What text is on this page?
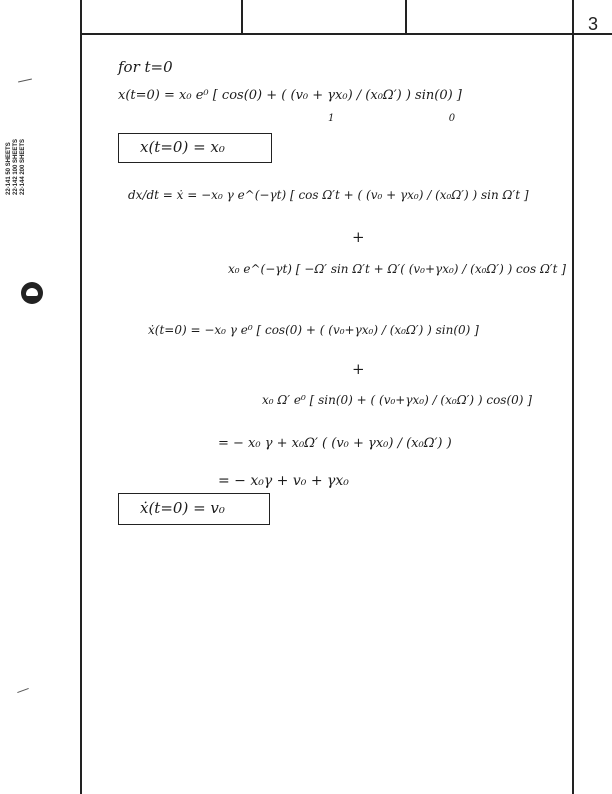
3
22-141 50 SHEETS 22-142 100 SHEETS 22-144 200 SHEETS
for t=0
x(t=0) = x₀ e⁰ [ cos(0) + ( (v₀ + γx₀) / (x₀Ω′) ) sin(0) ]
1                                    0
x(t=0) = x₀
dx/dt = ẋ = −x₀ γ e^(−γt) [ cos Ω′t + ( (v₀ + γx₀) / (x₀Ω′) ) sin Ω′t ]
+
x₀ e^(−γt) [ −Ω′ sin Ω′t + Ω′( (v₀+γx₀) / (x₀Ω′) ) cos Ω′t ]
ẋ(t=0) = −x₀ γ e⁰ [ cos(0) + ( (v₀+γx₀) / (x₀Ω′) ) sin(0) ]
+
x₀ Ω′ e⁰ [ sin(0) + ( (v₀+γx₀) / (x₀Ω′) ) cos(0) ]
= − x₀ γ + x₀Ω′ ( (v₀ + γx₀) / (x₀Ω′) )
= − x₀γ + v₀ + γx₀
ẋ(t=0) = v₀
